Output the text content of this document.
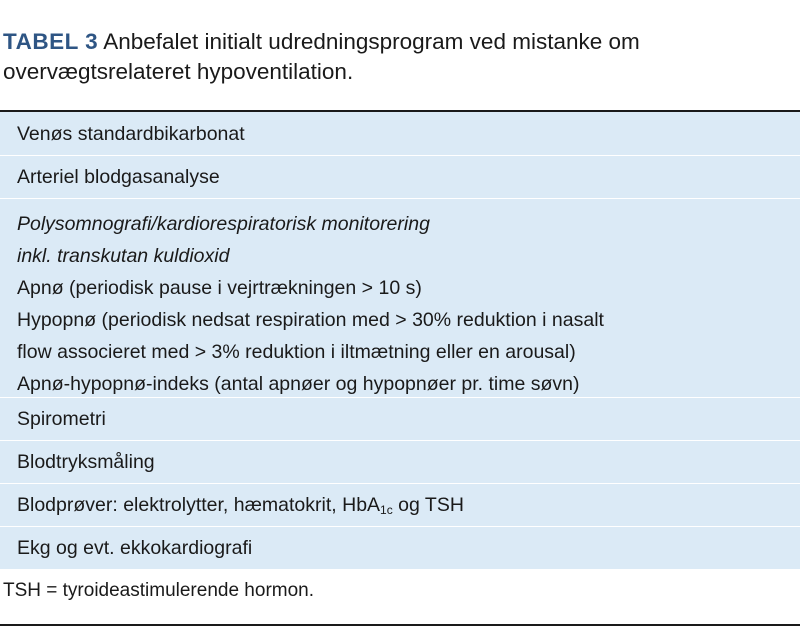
TABEL 3 Anbefalet initialt udredningsprogram ved mistanke om
overvægtsrelateret hypoventilation.
Venøs standardbikarbonat
Arteriel blodgasanalyse
Polysomnografi/kardiorespiratorisk monitorering
inkl. transkutan kuldioxid
Apnø (periodisk pause i vejrtrækningen > 10 s)
Hypopnø (periodisk nedsat respiration med > 30% reduktion i nasalt
flow associeret med > 3% reduktion i iltmætning eller en arousal)
Apnø-hypopnø-indeks (antal apnøer og hypopnøer pr. time søvn)
Spirometri
Blodtryksmåling
Blodprøver: elektrolytter, hæmatokrit, HbA$_{1c}$ og TSH
Ekg og evt. ekkokardiografi
TSH = tyroideastimulerende hormon.
